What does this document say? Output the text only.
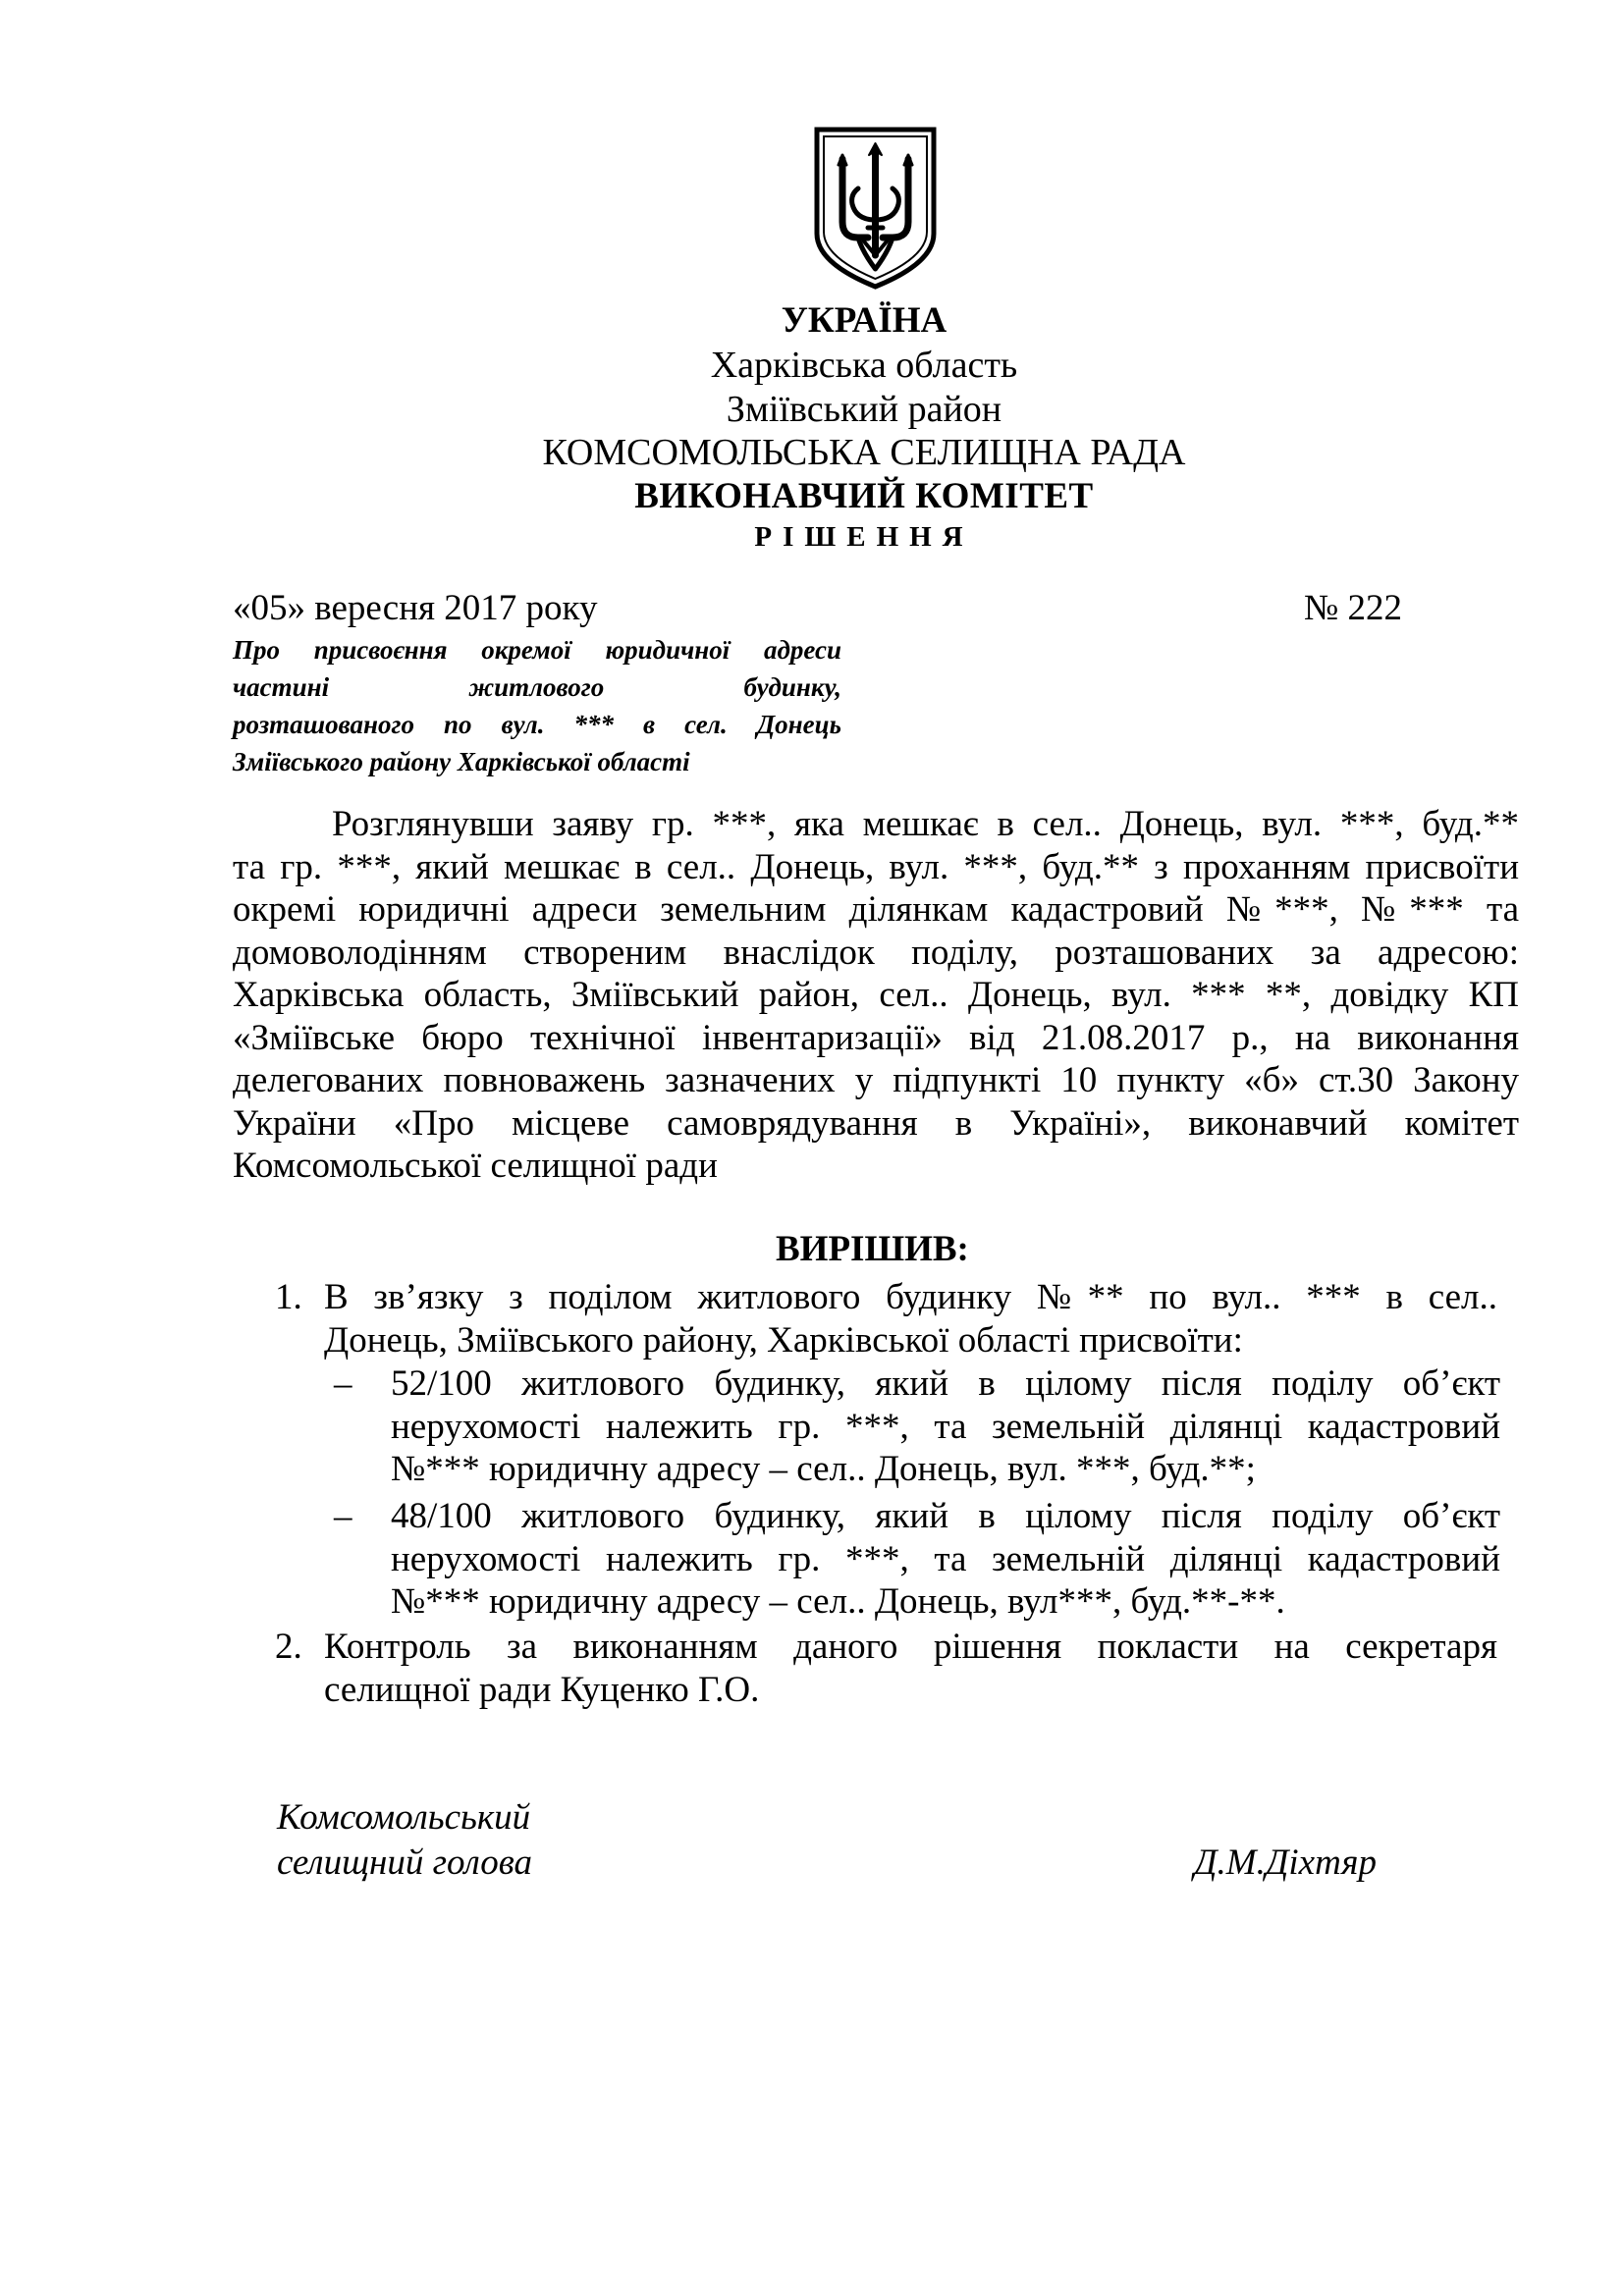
УКРАЇНА
Харківська область
Зміївський район
КОМСОМОЛЬСЬКА СЕЛИЩНА РАДА
ВИКОНАВЧИЙ КОМІТЕТ
РІШЕННЯ
«05» вересня 2017 року	№ 222
Про присвоєння окремої юридичної адреси
частині житлового будинку,
розташованого по вул. *** в сел. Донець
Зміївського району Харківської області
Розглянувши заяву гр. ***, яка мешкає в сел.. Донець, вул. ***, буд.**
та гр. ***, який мешкає в сел.. Донець, вул. ***, буд.** з проханням присвоїти
окремі юридичні адреси земельним ділянкам кадастровий №***, №*** та
домоволодінням створеним внаслідок поділу, розташованих за адресою:
Харківська область, Зміївський район, сел.. Донець, вул. *** **, довідку КП
«Зміївське бюро технічної інвентаризації» від 21.08.2017 р., на виконання
делегованих повноважень зазначених у підпункті 10 пункту «б» ст.30 Закону
України «Про місцеве самоврядування в Україні», виконавчий комітет
Комсомольської селищної ради
ВИРІШИВ:
1. В зв’язку з поділом житлового будинку №** по вул.. *** в сел..
Донець, Зміївського району, Харківської області присвоїти:
– 52/100 житлового будинку, який в цілому після поділу об’єкт
нерухомості належить гр. ***, та земельній ділянці кадастровий
№*** юридичну адресу – сел.. Донець, вул. ***, буд.**;
– 48/100 житлового будинку, який в цілому після поділу об’єкт
нерухомості належить гр. ***, та земельній ділянці кадастровий
№*** юридичну адресу – сел.. Донець, вул***, буд.**-**.
2. Контроль за виконанням даного рішення покласти на секретаря
селищної ради Куценко Г.О.
Комсомольський
селищний голова	Д.М.Діхтяр
